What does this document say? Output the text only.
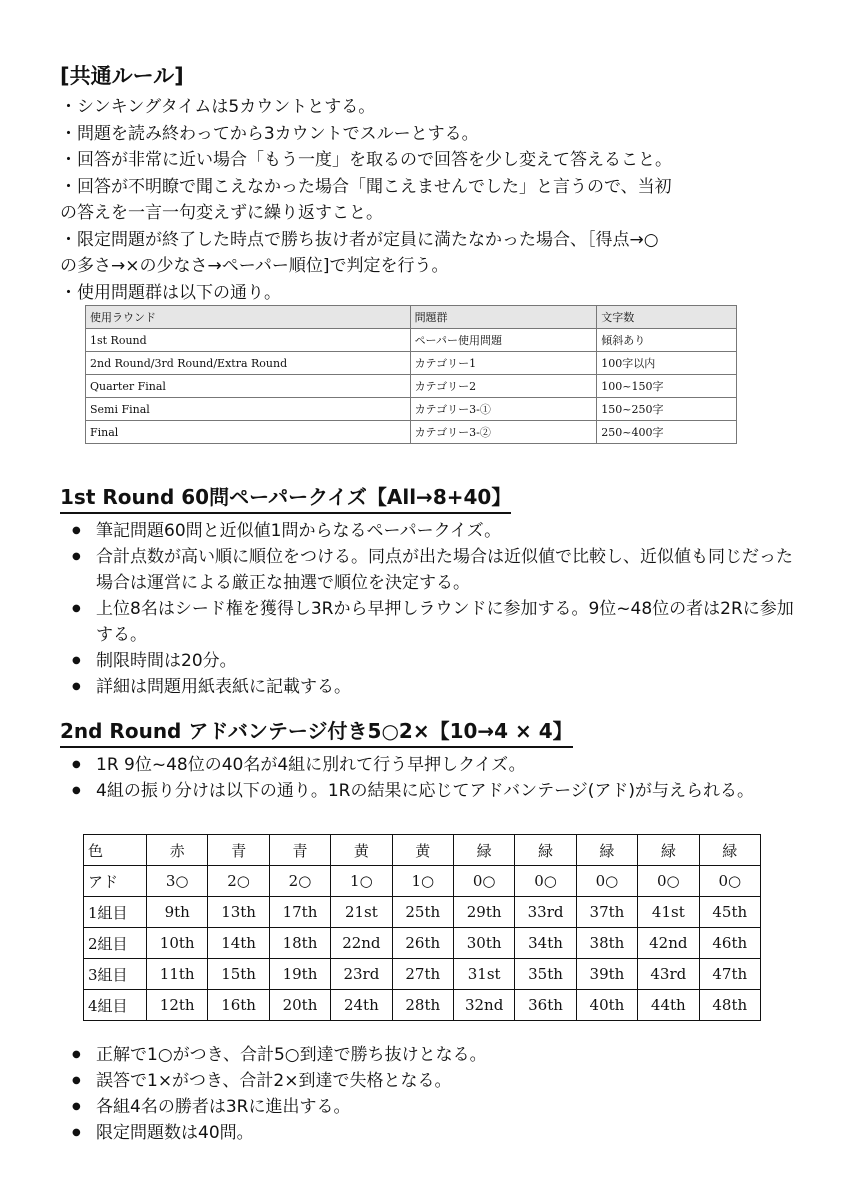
[共通ルール]
・シンキングタイムは5カウントとする。
・問題を読み終わってから3カウントでスルーとする。
・回答が非常に近い場合「もう一度」を取るので回答を少し変えて答えること。
・回答が不明瞭で聞こえなかった場合「聞こえませんでした」と言うので、当初
の答えを一言一句変えずに繰り返すこと。
・限定問題が終了した時点で勝ち抜け者が定員に満たなかった場合、［得点→○
の多さ→×の少なさ→ペーパー順位]で判定を行う。
・使用問題群は以下の通り。
使用ラウンド	問題群	文字数
1st Round	ペーパー使用問題	傾斜あり
2nd Round/3rd Round/Extra Round	カテゴリー1	100字以内
Quarter Final	カテゴリー2	100~150字
Semi Final	カテゴリー3-①	150~250字
Final	カテゴリー3-②	250~400字
1st Round 60問ペーパークイズ【All→8+40】
● 筆記問題60問と近似値1問からなるペーパークイズ。
● 合計点数が高い順に順位をつける。同点が出た場合は近似値で比較し、近似値も同じだった場合は運営による厳正な抽選で順位を決定する。
● 上位8名はシード権を獲得し3Rから早押しラウンドに参加する。9位~48位の者は2Rに参加する。
● 制限時間は20分。
● 詳細は問題用紙表紙に記載する。
2nd Round アドバンテージ付き5○2×【10→4 × 4】
● 1R 9位~48位の40名が4組に別れて行う早押しクイズ。
● 4組の振り分けは以下の通り。1Rの結果に応じてアドバンテージ(アド)が与えられる。
色	赤	青	青	黄	黄	緑	緑	緑	緑	緑
アド	3○	2○	2○	1○	1○	0○	0○	0○	0○	0○
1組目	9th	13th	17th	21st	25th	29th	33rd	37th	41st	45th
2組目	10th	14th	18th	22nd	26th	30th	34th	38th	42nd	46th
3組目	11th	15th	19th	23rd	27th	31st	35th	39th	43rd	47th
4組目	12th	16th	20th	24th	28th	32nd	36th	40th	44th	48th
● 正解で1○がつき、合計5○到達で勝ち抜けとなる。
● 誤答で1×がつき、合計2×到達で失格となる。
● 各組4名の勝者は3Rに進出する。
● 限定問題数は40問。
